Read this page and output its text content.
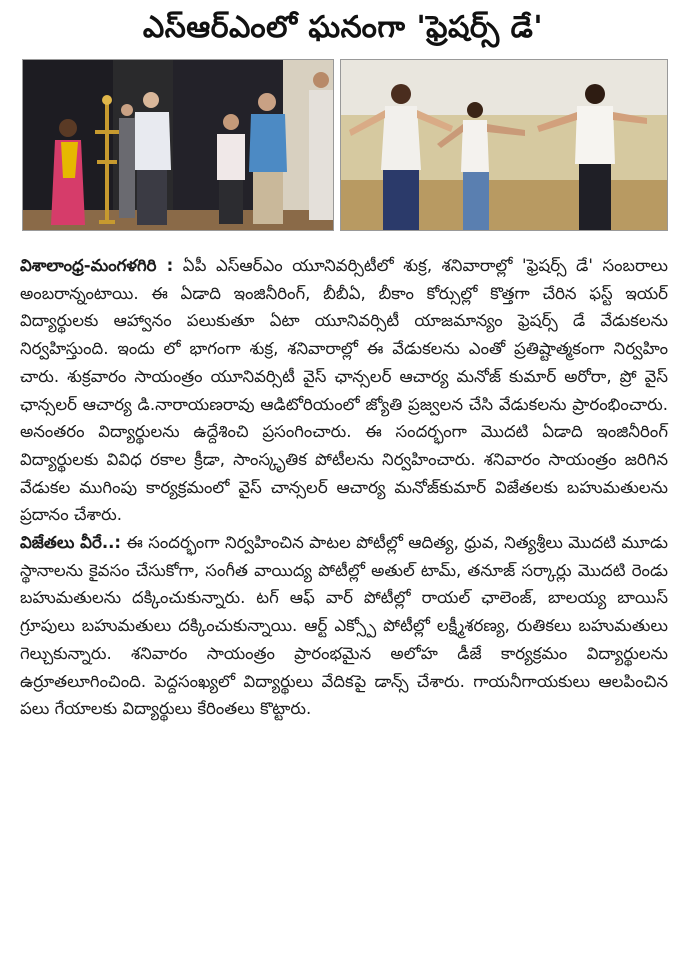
ఎస్ఆర్ఎంలో ఘనంగా 'ఫ్రెషర్స్ డే'

విశాలాంధ్ర-మంగళగిరి : ఏపీ ఎస్ఆర్ఎం యూనివర్సిటీలో శుక్ర, శనివారాల్లో 'ఫ్రెషర్స్ డే' సంబరాలు అంబరాన్నంటాయి. ఈ ఏడాది ఇంజినీరింగ్, బీబీఏ, బీకాం కోర్సుల్లో కొత్తగా చేరిన ఫస్ట్ ఇయర్ విద్యార్థులకు ఆహ్వానం పలుకుతూ ఏటా యూనివర్సిటీ యాజమాన్యం ఫ్రెషర్స్ డే వేడుకలను నిర్వహిస్తుంది. ఇందు లో భాగంగా శుక్ర, శనివారాల్లో ఈ వేడుకలను ఎంతో ప్రతిష్టాత్మకంగా నిర్వహిం చారు. శుక్రవారం సాయంత్రం యూనివర్సిటీ వైస్ ఛాన్సలర్ ఆచార్య మనోజ్ కుమార్ అరోరా, ప్రో వైస్ ఛాన్సలర్ ఆచార్య డి.నారాయణరావు ఆడిటోరియంలో జ్యోతి ప్రజ్వలన చేసి వేడుకలను ప్రారంభించారు. అనంతరం విద్యార్థులను ఉద్దేశించి ప్రసంగించారు. ఈ సందర్భంగా మొదటి ఏడాది ఇంజినీరింగ్ విద్యార్థులకు వివిధ రకాల క్రీడా, సాంస్కృతిక పోటీలను నిర్వహించారు. శనివారం సాయంత్రం జరిగిన వేడుకల ముగింపు కార్యక్రమంలో వైస్ చాన్సలర్ ఆచార్య మనోజ్‌కుమార్ విజేతలకు బహుమతులను ప్రదానం చేశారు.

విజేతలు వీరే..: ఈ సందర్భంగా నిర్వహించిన పాటల పోటీల్లో ఆదిత్య, ధ్రువ, నిత్యశ్రీలు మొదటి మూడు స్థానాలను కైవసం చేసుకోగా, సంగీత వాయిద్య పోటీల్లో అతుల్ టామ్, తనూజ్ సర్కార్లు మొదటి రెండు బహుమతులను దక్కించుకున్నారు. టగ్ ఆఫ్ వార్ పోటీల్లో రాయల్ ఛాలెంజ్, బాలయ్య బాయిస్ గ్రూపులు బహుమతులు దక్కించుకున్నాయి. ఆర్ట్ ఎక్స్పో పోటీల్లో లక్ష్మీశరణ్య, రుతికలు బహుమతులు గెల్చుకున్నారు. శనివారం సాయంత్రం ప్రారంభమైన అలోహ డీజే కార్యక్రమం విద్యార్థులను ఉర్రూతలూగించింది. పెద్దసంఖ్యలో విద్యార్థులు వేదికపై డాన్స్ చేశారు. గాయనీగాయకులు ఆలపించిన పలు గేయాలకు విద్యార్థులు కేరింతలు కొట్టారు.
